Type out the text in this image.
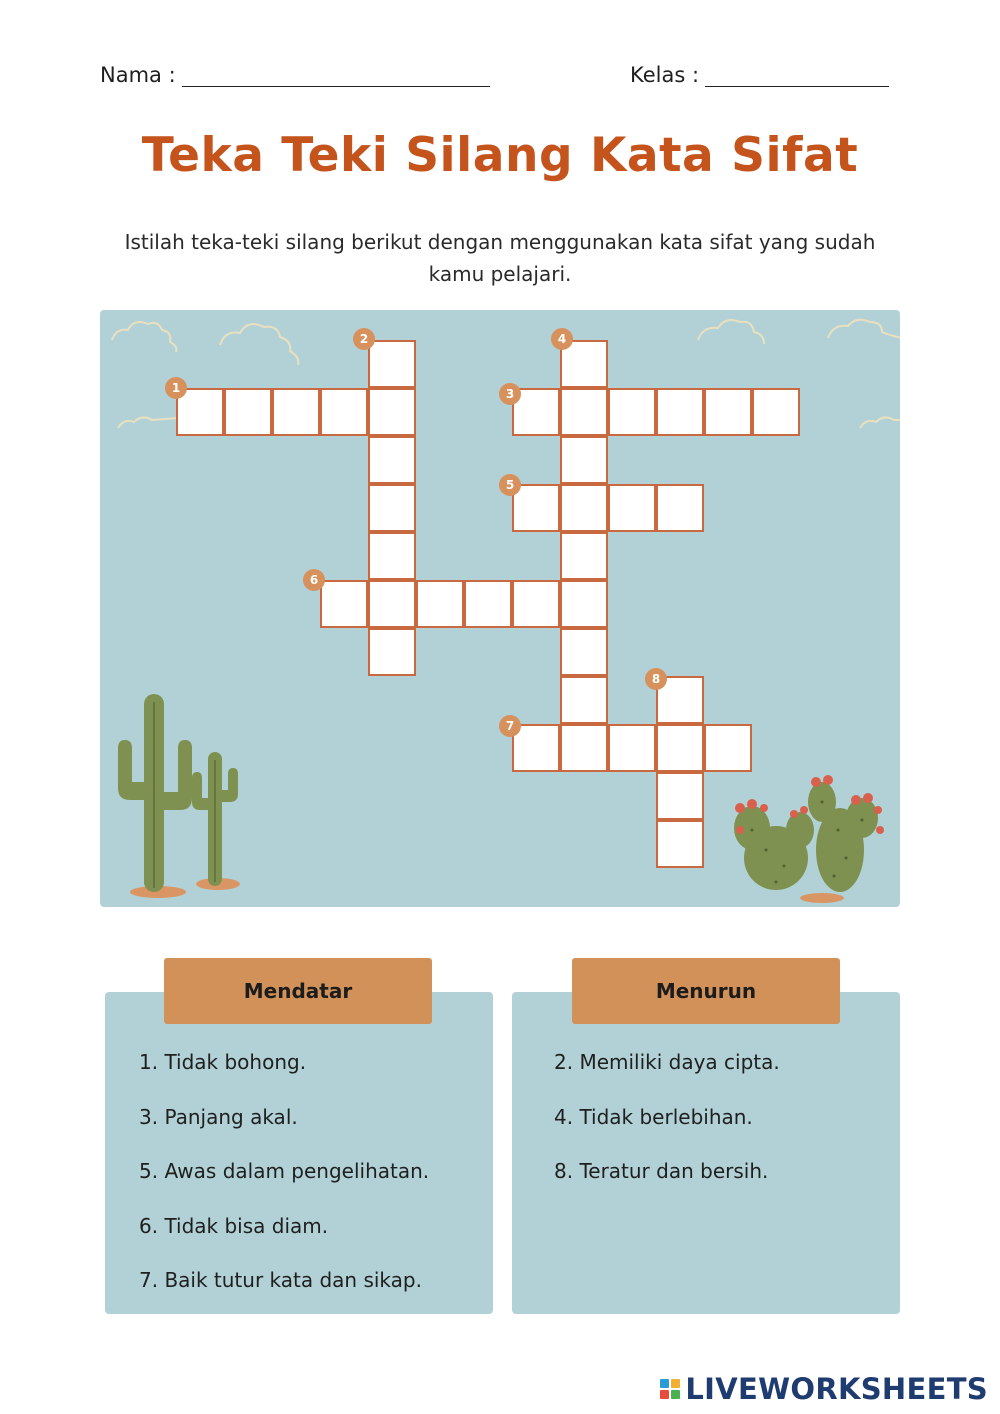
Nama :	Kelas :
Teka Teki Silang Kata Sifat
Istilah teka-teki silang berikut dengan menggunakan kata sifat yang sudah kamu pelajari.
1
2
3
4
5
6
7
8
1. Tidak bohong.
3. Panjang akal.
5. Awas dalam pengelihatan.
6. Tidak bisa diam.
7. Baik tutur kata dan sikap.
Mendatar
2. Memiliki daya cipta.
4. Tidak berlebihan.
8. Teratur dan bersih.
Menurun
LIVEWORKSHEETS
